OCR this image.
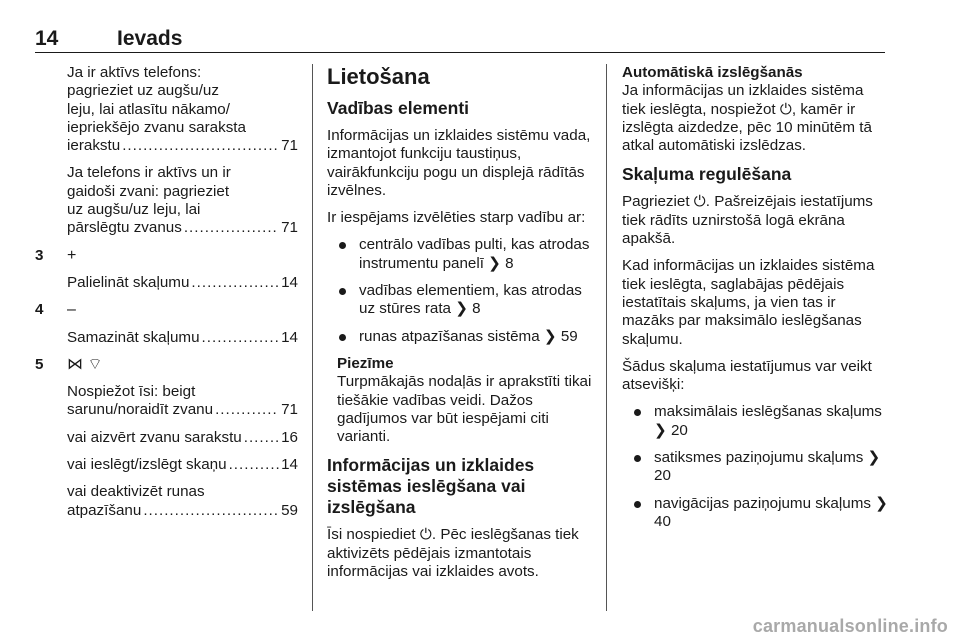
14	Ievads
Ja ir aktīvs telefons:
pagrieziet uz augšu/uz
leju, lai atlasītu nākamo/
iepriekšējo zvanu saraksta
ierakstu .....	71
Ja telefons ir aktīvs un ir
gaidoši zvani: pagrieziet
uz augšu/uz leju, lai
pārslēgtu zvanus .....	71
3 +
Palielināt skaļumu .....	14
4 –
Samazināt skaļumu .....	14
5 ⋈ ⌔
Nospiežot īsi: beigt
sarunu/noraidīt zvanu .....	71
vai aizvērt zvanu sarakstu .....	16
vai ieslēgt/izslēgt skaņu .....	14
vai deaktivizēt runas
atpazīšanu .....	59
Lietošana
Vadības elementi

Informācijas un izklaides sistēmu vada, izmantojot funkciju taustiņus, vairākfunkciju pogu un displejā rādītās izvēlnes.

Ir iespējams izvēlēties starp vadību ar:

centrālo vadības pulti, kas atrodas instrumentu panelī ❯ 8
vadības elementiem, kas atrodas uz stūres rata ❯ 8
runas atpazīšanas sistēma ❯ 59
Piezīme
Turpmākajās nodaļās ir aprakstīti tikai tiešākie vadības veidi. Dažos gadījumos var būt iespējami citi varianti.
Informācijas un izklaides sistēmas ieslēgšana vai izslēgšana

Īsi nospiediet ⏻. Pēc ieslēgšanas tiek aktivizēts pēdējais izmantotais informācijas vai izklaides avots.

Automātiskā izslēgšanās

Ja informācijas un izklaides sistēma tiek ieslēgta, nospiežot ⏻, kamēr ir izslēgta aizdedze, pēc 10 minūtēm tā atkal automātiski izslēdzas.

Skaļuma regulēšana

Pagrieziet ⏻. Pašreizējais iestatījums tiek rādīts uznirstošā logā ekrāna apakšā.

Kad informācijas un izklaides sistēma tiek ieslēgta, saglabājas pēdējais iestatītais skaļums, ja vien tas ir mazāks par maksimālo ieslēgšanas skaļumu.

Šādus skaļuma iestatījumus var veikt atsevišķi:

maksimālais ieslēgšanas skaļums ❯ 20
satiksmes paziņojumu skaļums ❯ 20
navigācijas paziņojumu skaļums ❯ 40
carmanualsonline.info
